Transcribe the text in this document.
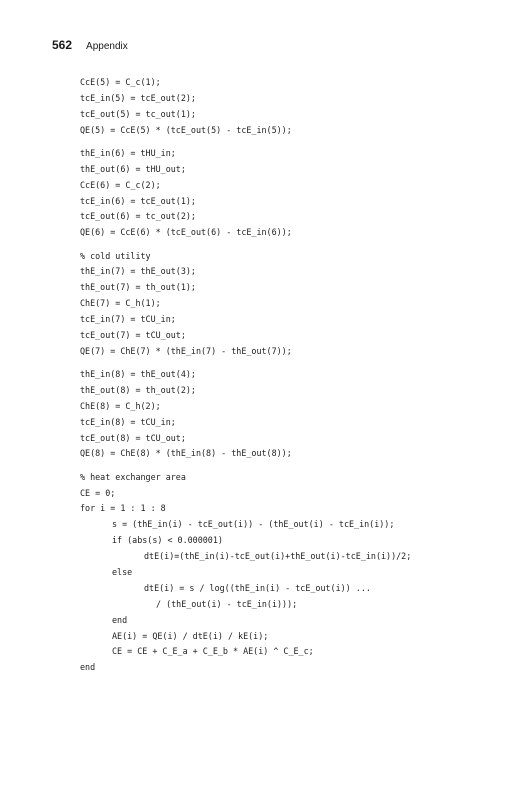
562 Appendix
CcE(5) = C_c(1);
tcE_in(5) = tcE_out(2);
tcE_out(5) = tc_out(1);
QE(5) = CcE(5) * (tcE_out(5) - tcE_in(5));
thE_in(6) = tHU_in;
thE_out(6) = tHU_out;
CcE(6) = C_c(2);
tcE_in(6) = tcE_out(1);
tcE_out(6) = tc_out(2);
QE(6) = CcE(6) * (tcE_out(6) - tcE_in(6));
% cold utility
thE_in(7) = thE_out(3);
thE_out(7) = th_out(1);
ChE(7) = C_h(1);
tcE_in(7) = tCU_in;
tcE_out(7) = tCU_out;
QE(7) = ChE(7) * (thE_in(7) - thE_out(7));
thE_in(8) = thE_out(4);
thE_out(8) = th_out(2);
ChE(8) = C_h(2);
tcE_in(8) = tCU_in;
tcE_out(8) = tCU_out;
QE(8) = ChE(8) * (thE_in(8) - thE_out(8));
% heat exchanger area
CE = 0;
for i = 1 : 1 : 8
s = (thE_in(i) - tcE_out(i)) - (thE_out(i) - tcE_in(i));
if (abs(s) < 0.000001)
dtE(i)=(thE_in(i)-tcE_out(i)+thE_out(i)-tcE_in(i))/2;
else
dtE(i) = s / log((thE_in(i) - tcE_out(i)) ...
/ (thE_out(i) - tcE_in(i)));
end
AE(i) = QE(i) / dtE(i) / kE(i);
CE = CE + C_E_a + C_E_b * AE(i) ^ C_E_c;
end
